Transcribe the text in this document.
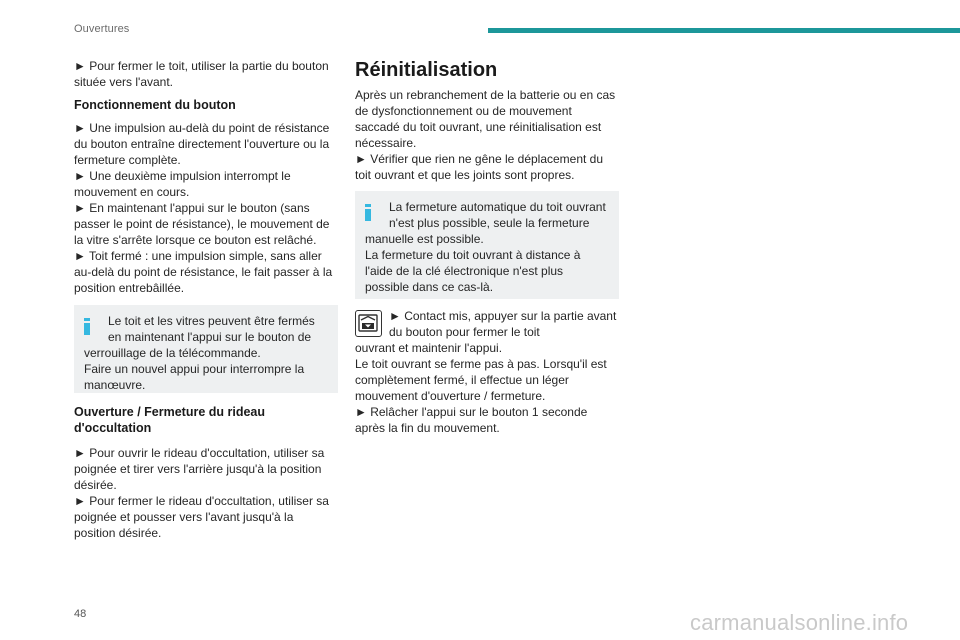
Ouvertures

► Pour fermer le toit, utiliser la partie du bouton située vers l'avant.

Fonctionnement du bouton

► Une impulsion au-delà du point de résistance du bouton entraîne directement l'ouverture ou la fermeture complète.

► Une deuxième impulsion interrompt le mouvement en cours.

► En maintenant l'appui sur le bouton (sans passer le point de résistance), le mouvement de la vitre s'arrête lorsque ce bouton est relâché.

► Toit fermé : une impulsion simple, sans aller au-delà du point de résistance, le fait passer à la position entrebâillée.

Le toit et les vitres peuvent être fermés en maintenant l'appui sur le bouton de

verrouillage de la télécommande.

Faire un nouvel appui pour interrompre la manœuvre.

Ouverture / Fermeture du rideau d'occultation

► Pour ouvrir le rideau d'occultation, utiliser sa poignée et tirer vers l'arrière jusqu'à la position désirée.

► Pour fermer le rideau d'occultation, utiliser sa poignée et pousser vers l'avant jusqu'à la position désirée.

Réinitialisation

Après un rebranchement de la batterie ou en cas de dysfonctionnement ou de mouvement saccadé du toit ouvrant, une réinitialisation est nécessaire.

► Vérifier que rien ne gêne le déplacement du toit ouvrant et que les joints sont propres.

La fermeture automatique du toit ouvrant n'est plus possible, seule la fermeture

manuelle est possible.

La fermeture du toit ouvrant à distance à l'aide de la clé électronique n'est plus possible dans ce cas-là.

► Contact mis, appuyer sur la partie avant du bouton pour fermer le toit

ouvrant et maintenir l'appui.

Le toit ouvrant se ferme pas à pas. Lorsqu'il est complètement fermé, il effectue un léger mouvement d'ouverture / fermeture.

► Relâcher l'appui sur le bouton 1 seconde après la fin du mouvement.

48	carmanualsonline.info
